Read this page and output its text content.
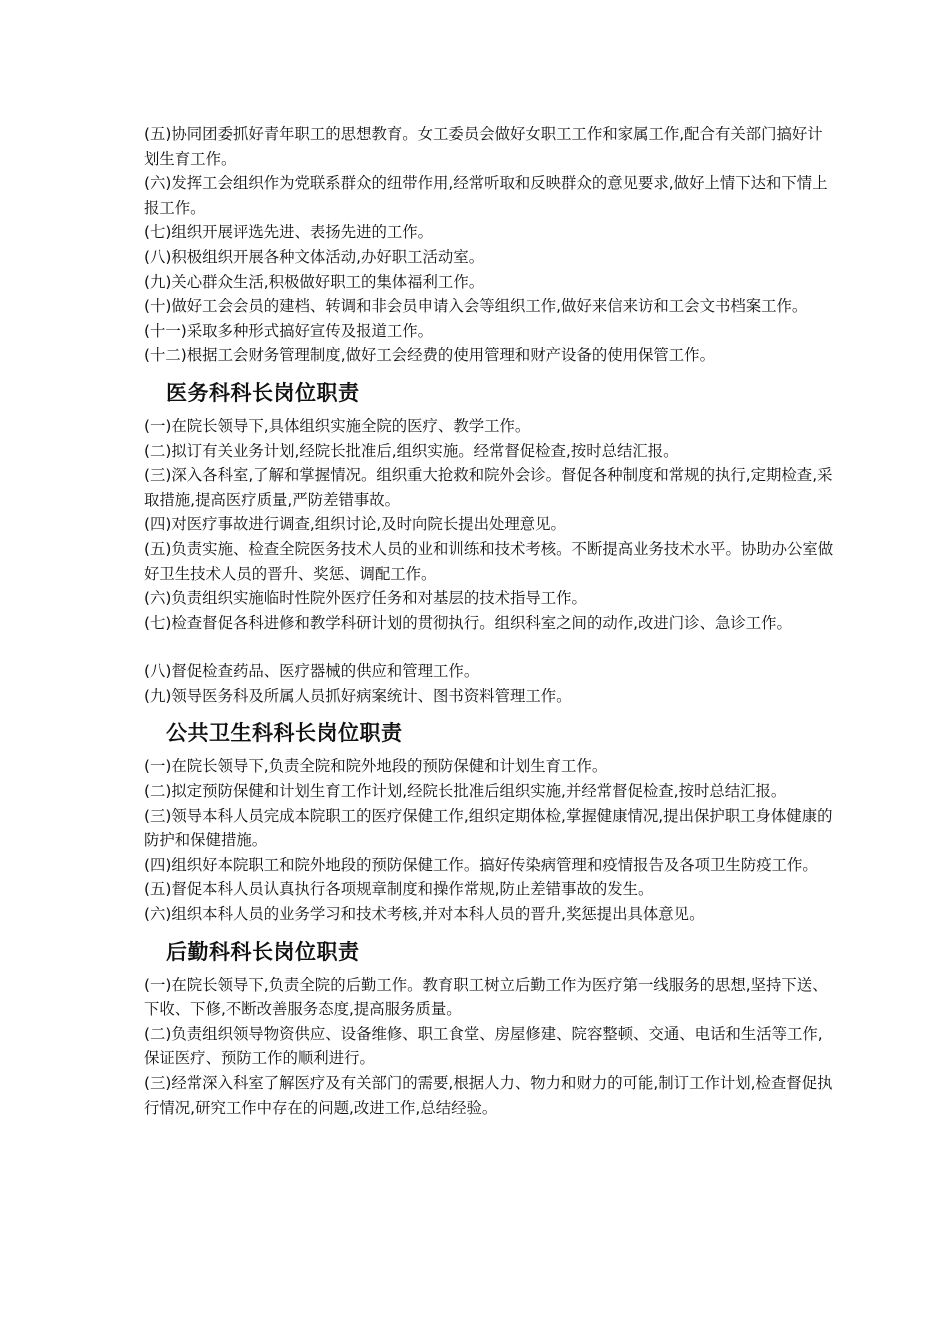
(五)协同团委抓好青年职工的思想教育。女工委员会做好女职工工作和家属工作,配合有关部门搞好计划生育工作。

(六)发挥工会组织作为党联系群众的纽带作用,经常听取和反映群众的意见要求,做好上情下达和下情上报工作。

(七)组织开展评选先进、表扬先进的工作。

(八)积极组织开展各种文体活动,办好职工活动室。

(九)关心群众生活,积极做好职工的集体福利工作。

(十)做好工会会员的建档、转调和非会员申请入会等组织工作,做好来信来访和工会文书档案工作。

(十一)采取多种形式搞好宣传及报道工作。

(十二)根据工会财务管理制度,做好工会经费的使用管理和财产设备的使用保管工作。

医务科科长岗位职责

(一)在院长领导下,具体组织实施全院的医疗、教学工作。

(二)拟订有关业务计划,经院长批准后,组织实施。经常督促检查,按时总结汇报。

(三)深入各科室,了解和掌握情况。组织重大抢救和院外会诊。督促各种制度和常规的执行,定期检查,采取措施,提高医疗质量,严防差错事故。

(四)对医疗事故进行调查,组织讨论,及时向院长提出处理意见。

(五)负责实施、检查全院医务技术人员的业和训练和技术考核。不断提高业务技术水平。协助办公室做好卫生技术人员的晋升、奖惩、调配工作。

(六)负责组织实施临时性院外医疗任务和对基层的技术指导工作。

(七)检查督促各科进修和教学科研计划的贯彻执行。组织科室之间的动作,改进门诊、急诊工作。

(八)督促检查药品、医疗器械的供应和管理工作。

(九)领导医务科及所属人员抓好病案统计、图书资料管理工作。

公共卫生科科长岗位职责

(一)在院长领导下,负责全院和院外地段的预防保健和计划生育工作。

(二)拟定预防保健和计划生育工作计划,经院长批准后组织实施,并经常督促检查,按时总结汇报。

(三)领导本科人员完成本院职工的医疗保健工作,组织定期体检,掌握健康情况,提出保护职工身体健康的防护和保健措施。

(四)组织好本院职工和院外地段的预防保健工作。搞好传染病管理和疫情报告及各项卫生防疫工作。

(五)督促本科人员认真执行各项规章制度和操作常规,防止差错事故的发生。

(六)组织本科人员的业务学习和技术考核,并对本科人员的晋升,奖惩提出具体意见。

后勤科科长岗位职责

(一)在院长领导下,负责全院的后勤工作。教育职工树立后勤工作为医疗第一线服务的思想,坚持下送、下收、下修,不断改善服务态度,提高服务质量。

(二)负责组织领导物资供应、设备维修、职工食堂、房屋修建、院容整顿、交通、电话和生活等工作,保证医疗、预防工作的顺利进行。

(三)经常深入科室了解医疗及有关部门的需要,根据人力、物力和财力的可能,制订工作计划,检查督促执行情况,研究工作中存在的问题,改进工作,总结经验。
